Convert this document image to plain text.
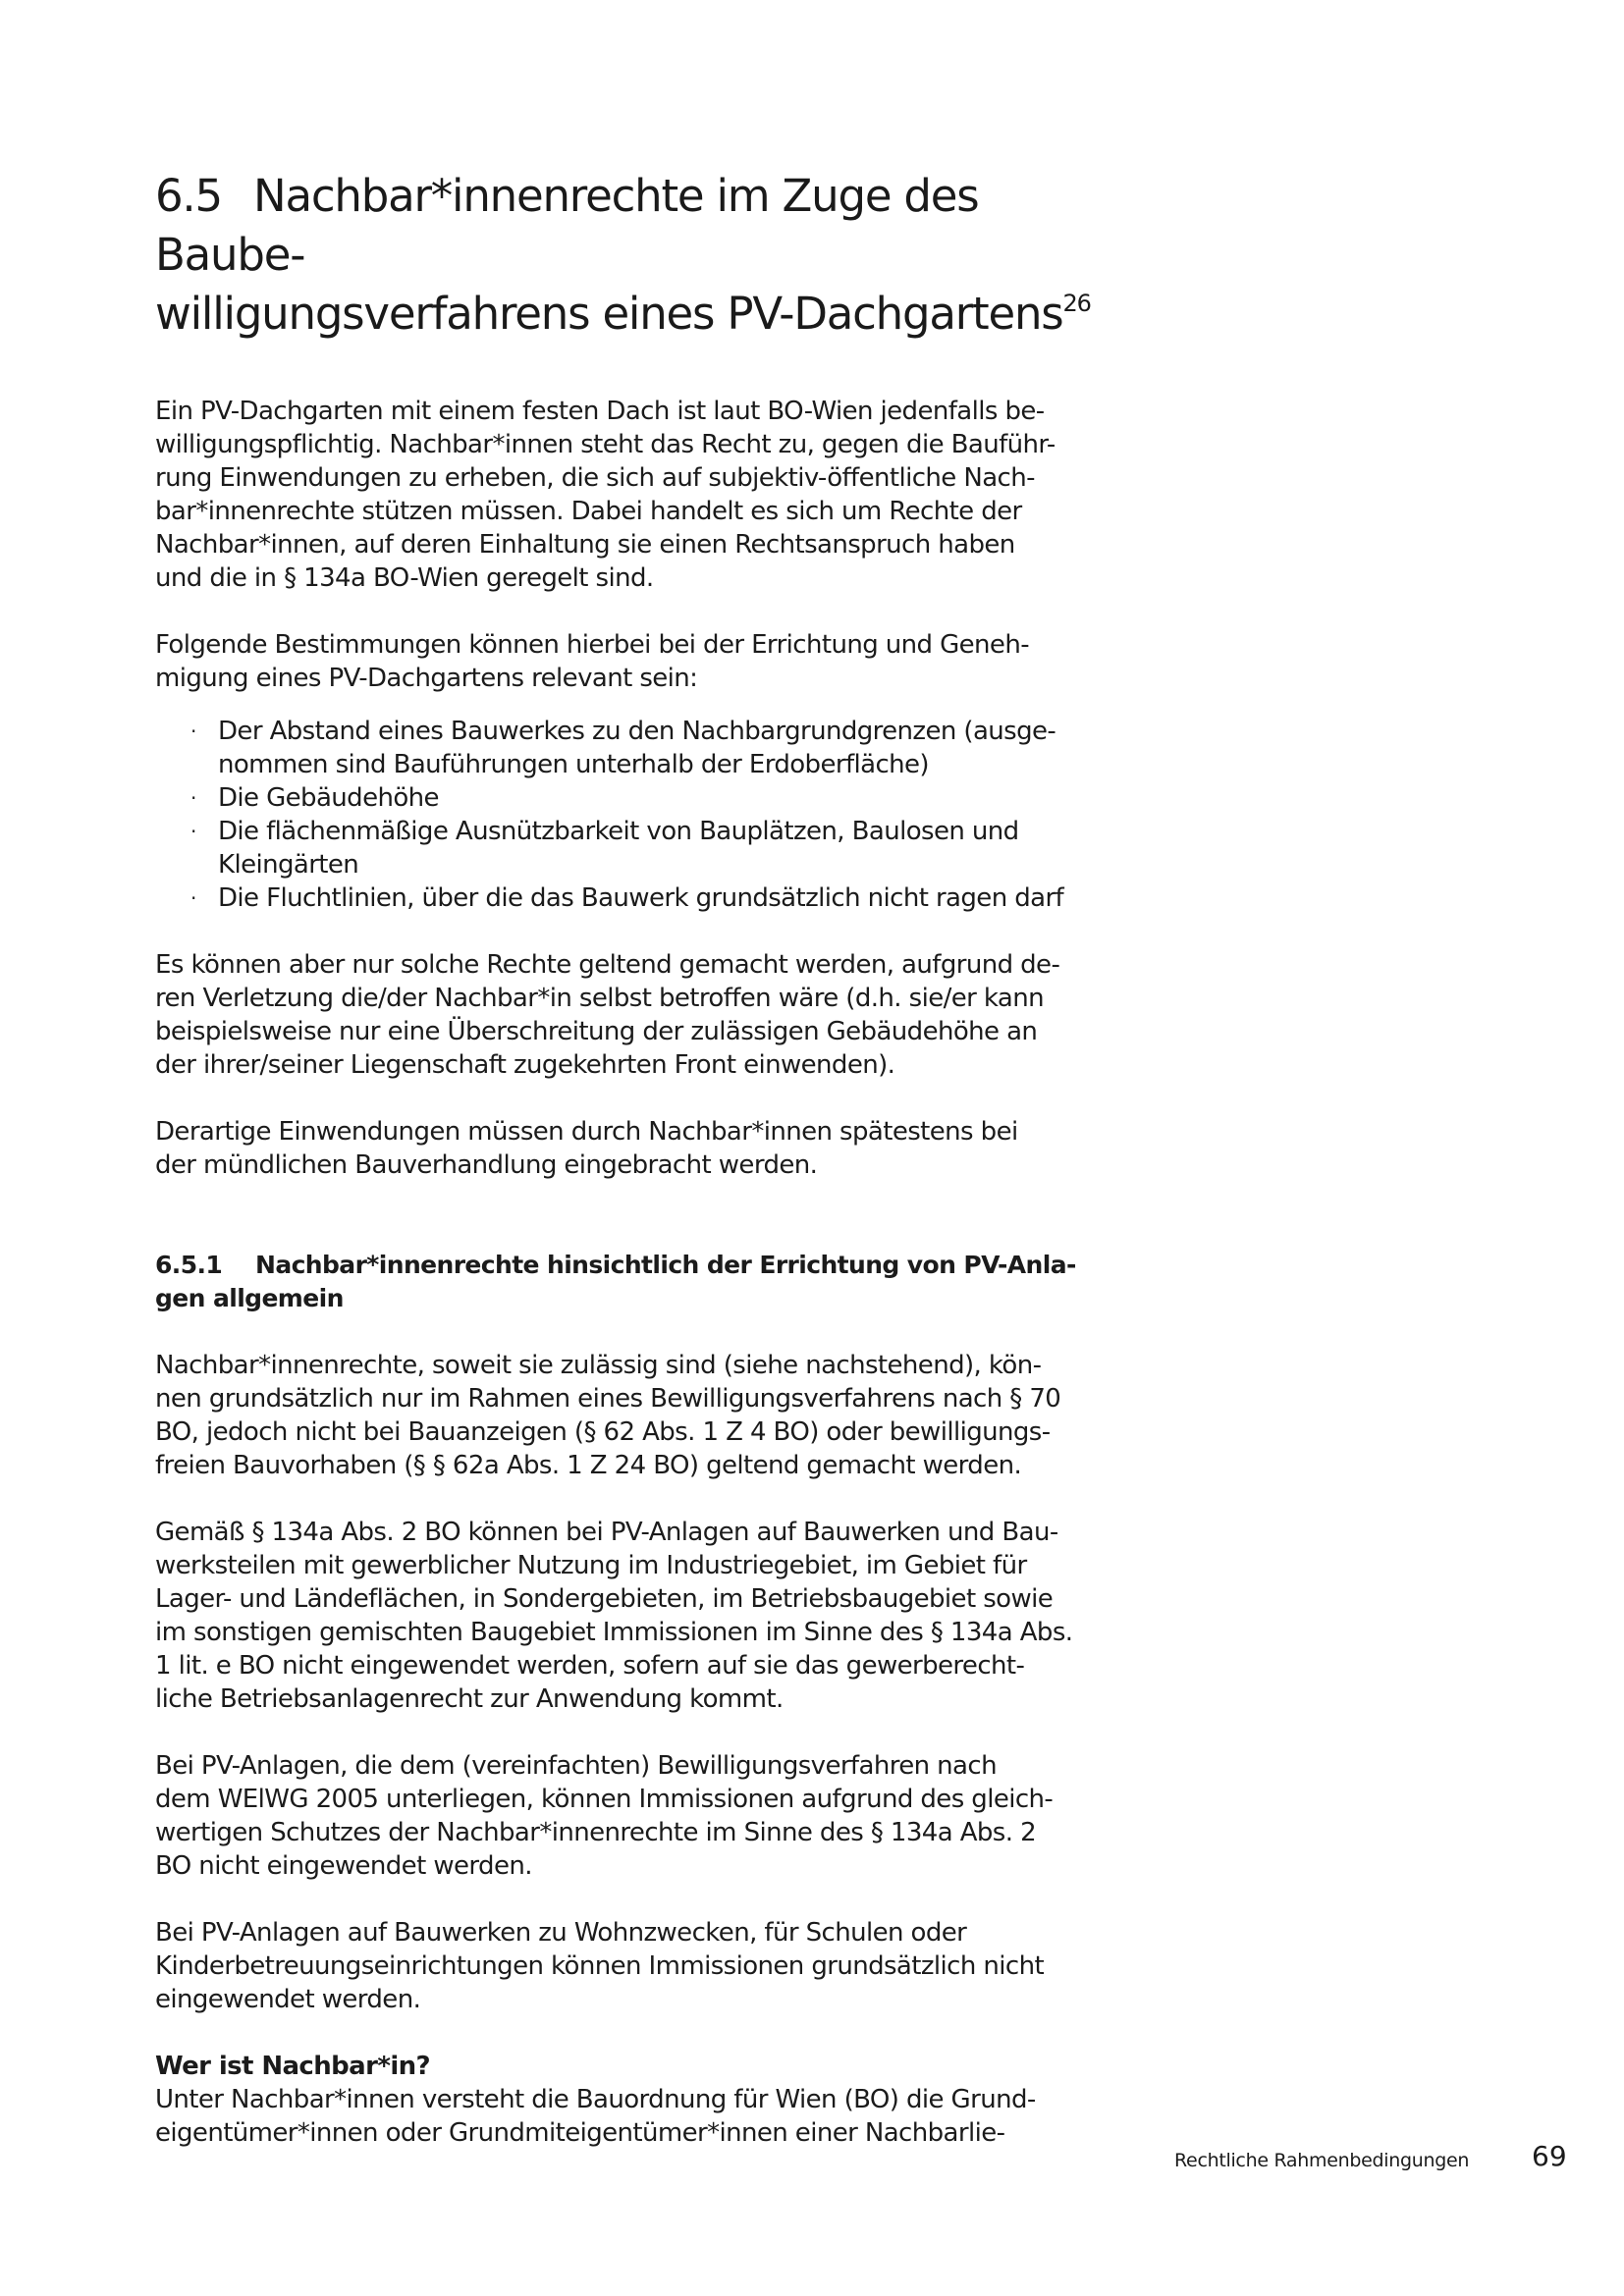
6.5 Nachbar*innenrechte im Zuge des Baube-
willigungsverfahrens eines PV-Dachgartens$^{26}$

Ein PV-Dachgarten mit einem festen Dach ist laut BO-Wien jedenfalls be-
willigungspflichtig. Nachbar*innen steht das Recht zu, gegen die Bauführ-
rung Einwendungen zu erheben, die sich auf subjektiv-öffentliche Nach-
bar*innenrechte stützen müssen. Dabei handelt es sich um Rechte der
Nachbar*innen, auf deren Einhaltung sie einen Rechtsanspruch haben
und die in § 134a BO-Wien geregelt sind.

Folgende Bestimmungen können hierbei bei der Errichtung und Geneh-
migung eines PV-Dachgartens relevant sein:

· Der Abstand eines Bauwerkes zu den Nachbargrundgrenzen (ausge-
nommen sind Bauführungen unterhalb der Erdoberfläche)
· Die Gebäudehöhe
· Die flächenmäßige Ausnützbarkeit von Bauplätzen, Baulosen und
Kleingärten
· Die Fluchtlinien, über die das Bauwerk grundsätzlich nicht ragen darf

Es können aber nur solche Rechte geltend gemacht werden, aufgrund de-
ren Verletzung die/der Nachbar*in selbst betroffen wäre (d.h. sie/er kann
beispielsweise nur eine Überschreitung der zulässigen Gebäudehöhe an
der ihrer/seiner Liegenschaft zugekehrten Front einwenden).

Derartige Einwendungen müssen durch Nachbar*innen spätestens bei
der mündlichen Bauverhandlung eingebracht werden.

6.5.1 Nachbar*innenrechte hinsichtlich der Errichtung von PV-Anla-
gen allgemein

Nachbar*innenrechte, soweit sie zulässig sind (siehe nachstehend), kön-
nen grundsätzlich nur im Rahmen eines Bewilligungsverfahrens nach § 70
BO, jedoch nicht bei Bauanzeigen (§ 62 Abs. 1 Z 4 BO) oder bewilligungs-
freien Bauvorhaben (§ § 62a Abs. 1 Z 24 BO) geltend gemacht werden.

Gemäß § 134a Abs. 2 BO können bei PV-Anlagen auf Bauwerken und Bau-
werksteilen mit gewerblicher Nutzung im Industriegebiet, im Gebiet für
Lager- und Ländeflächen, in Sondergebieten, im Betriebsbaugebiet sowie
im sonstigen gemischten Baugebiet Immissionen im Sinne des § 134a Abs.
1 lit. e BO nicht eingewendet werden, sofern auf sie das gewerberecht-
liche Betriebsanlagenrecht zur Anwendung kommt.

Bei PV-Anlagen, die dem (vereinfachten) Bewilligungsverfahren nach
dem WElWG 2005 unterliegen, können Immissionen aufgrund des gleich-
wertigen Schutzes der Nachbar*innenrechte im Sinne des § 134a Abs. 2
BO nicht eingewendet werden.

Bei PV-Anlagen auf Bauwerken zu Wohnzwecken, für Schulen oder
Kinderbetreuungseinrichtungen können Immissionen grundsätzlich nicht
eingewendet werden.

Wer ist Nachbar*in?
Unter Nachbar*innen versteht die Bauordnung für Wien (BO) die Grund-
eigentümer*innen oder Grundmiteigentümer*innen einer Nachbarlie-

Rechtliche Rahmenbedingungen 69
